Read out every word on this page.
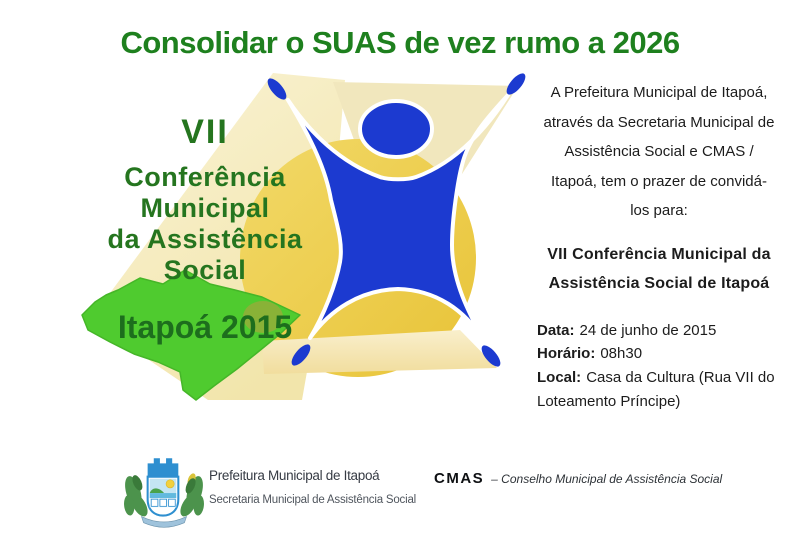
Consolidar o SUAS de vez rumo a 2026
VII
Conferência
Municipal
da Assistência
Social
Itapoá 2015
A Prefeitura Municipal de Itapoá,
através da Secretaria Municipal de
Assistência Social e CMAS /
Itapoá, tem o prazer de convidá-
los para:
VII Conferência Municipal da
Assistência Social de Itapoá
Data: 24 de junho de 2015
Horário: 08h30
Local: Casa da Cultura (Rua VII do
Loteamento Príncipe)
Prefeitura Municipal de Itapoá
Secretaria Municipal de Assistência Social
CMAS – Conselho Municipal de Assistência Social
